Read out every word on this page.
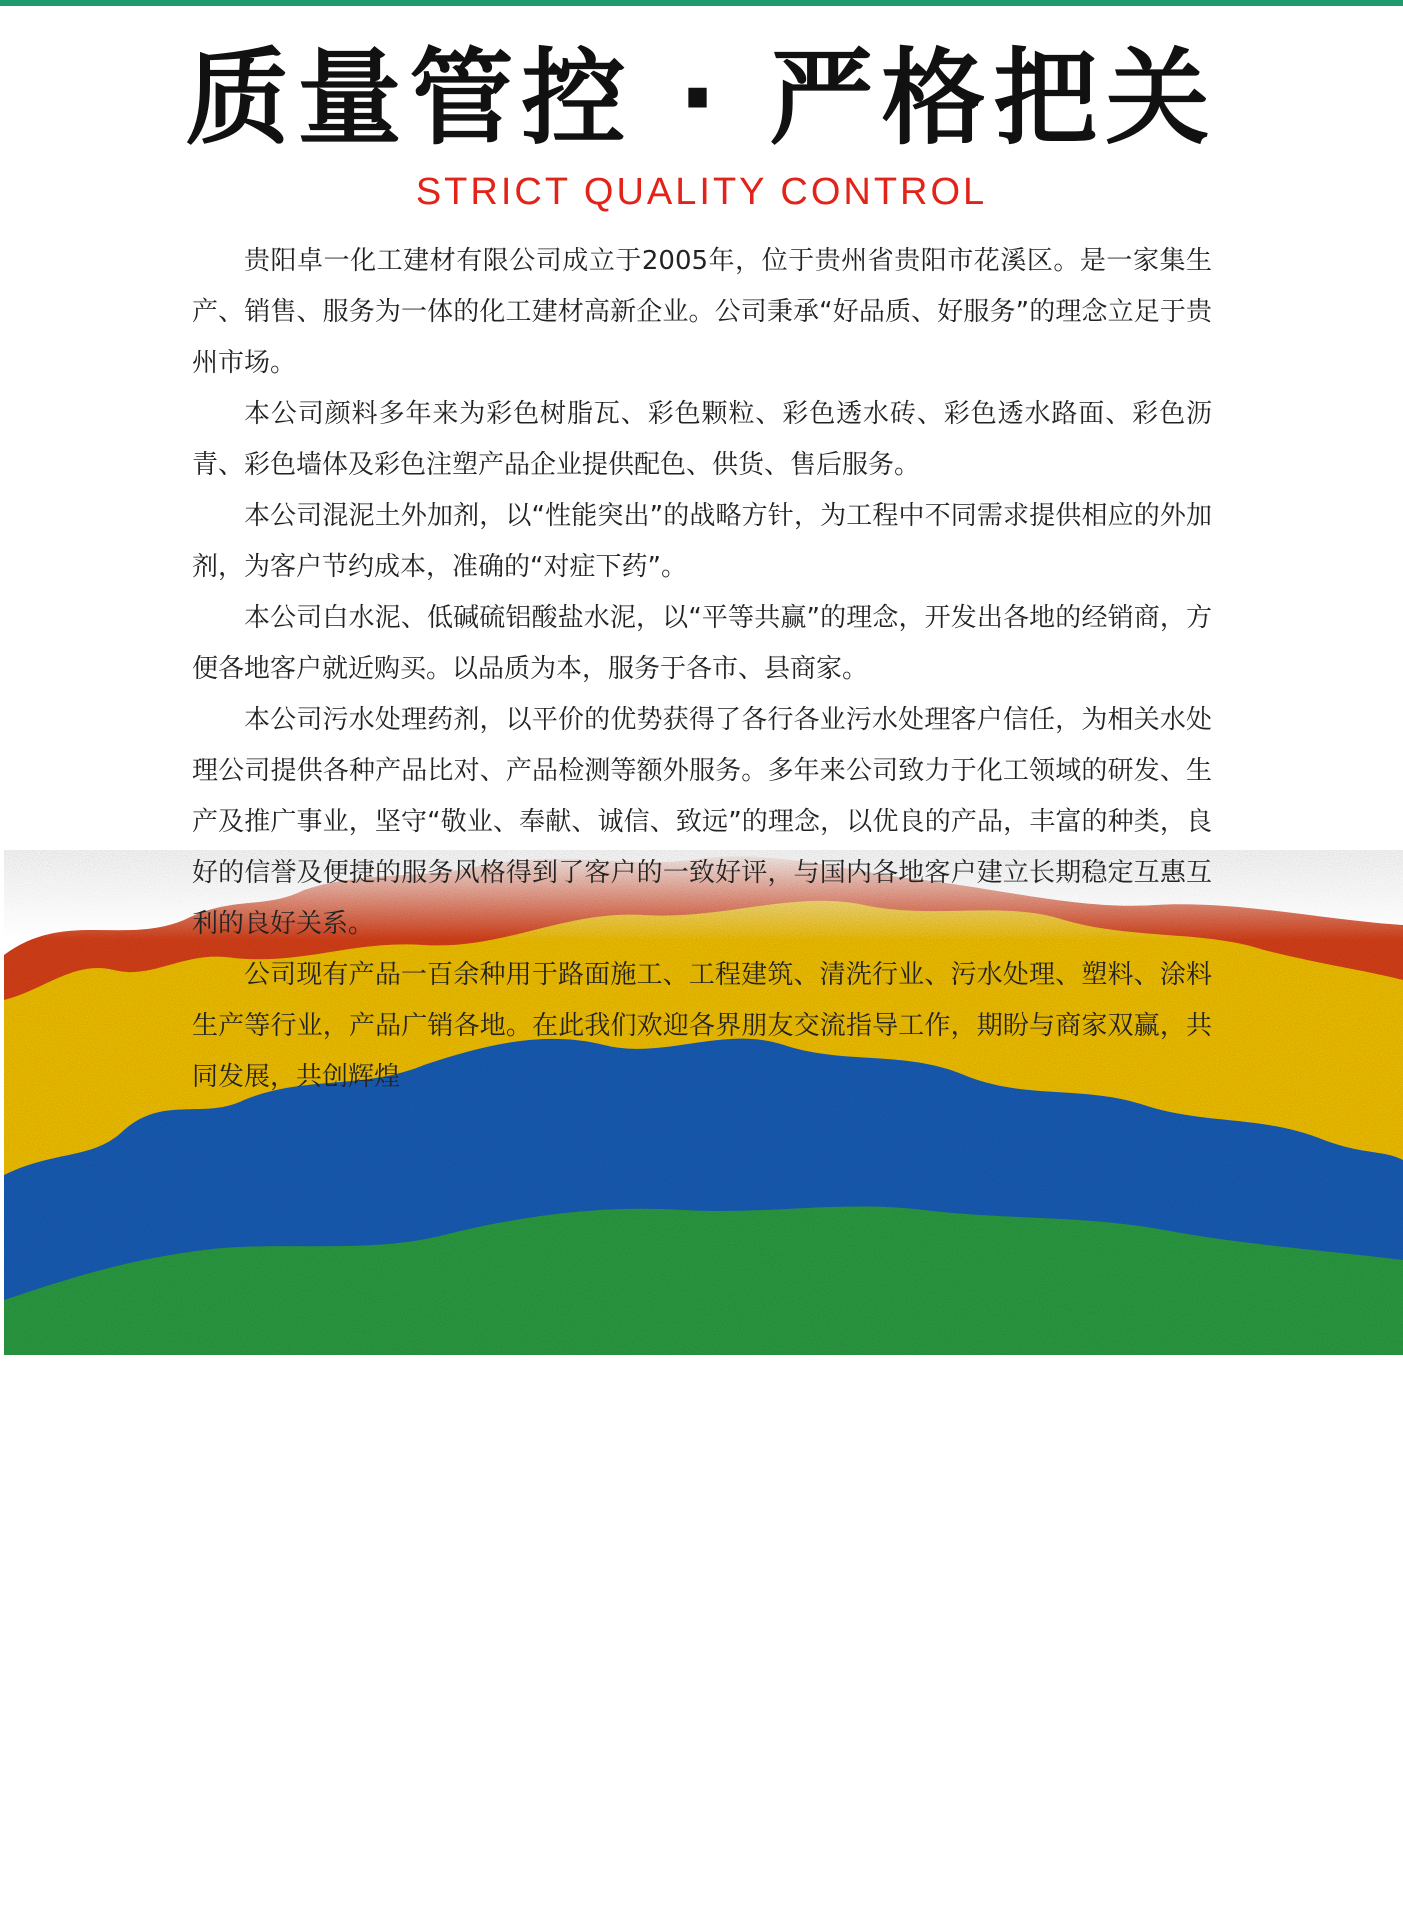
质量管控 · 严格把关
STRICT QUALITY CONTROL

贵阳卓一化工建材有限公司成立于2005年，位于贵州省贵阳市花溪区。是一家集生产、销售、服务为一体的化工建材高新企业。公司秉承“好品质、好服务”的理念立足于贵州市场。

本公司颜料多年来为彩色树脂瓦、彩色颗粒、彩色透水砖、彩色透水路面、彩色沥青、彩色墙体及彩色注塑产品企业提供配色、供货、售后服务。

本公司混泥土外加剂，以“性能突出”的战略方针，为工程中不同需求提供相应的外加剂，为客户节约成本，准确的“对症下药”。

本公司白水泥、低碱硫铝酸盐水泥，以“平等共赢”的理念，开发出各地的经销商，方便各地客户就近购买。以品质为本，服务于各市、县商家。

本公司污水处理药剂，以平价的优势获得了各行各业污水处理客户信任，为相关水处理公司提供各种产品比对、产品检测等额外服务。多年来公司致力于化工领域的研发、生产及推广事业，坚守“敬业、奉献、诚信、致远”的理念，以优良的产品，丰富的种类，良好的信誉及便捷的服务风格得到了客户的一致好评，与国内各地客户建立长期稳定互惠互利的良好关系。

公司现有产品一百余种用于路面施工、工程建筑、清洗行业、污水处理、塑料、涂料生产等行业，产品广销各地。在此我们欢迎各界朋友交流指导工作，期盼与商家双赢，共同发展，共创辉煌
